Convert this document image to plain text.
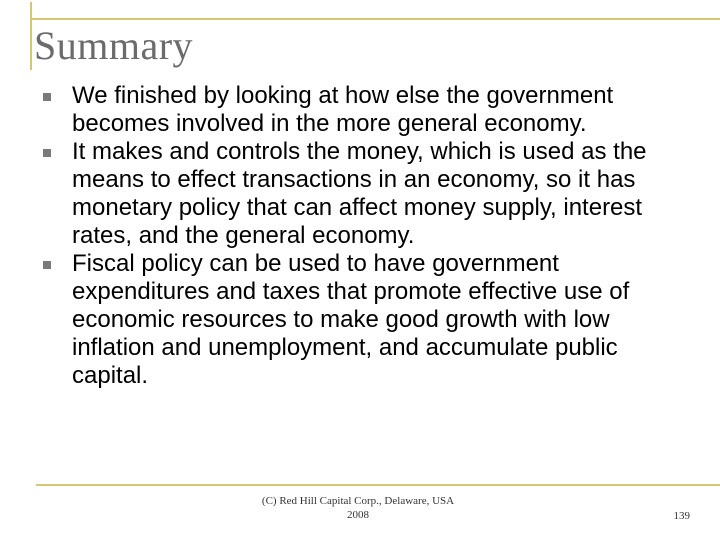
Summary
We finished by looking at how else the government becomes involved in the more general economy.
It makes and controls the money, which is used as the means to effect transactions in an economy, so it has monetary policy that can affect money supply, interest rates, and the general economy.
Fiscal policy can be used to have government expenditures and taxes that promote effective use of economic resources to make good growth with low inflation and unemployment, and accumulate public capital.
(C) Red Hill Capital Corp., Delaware, USA
2008	139
